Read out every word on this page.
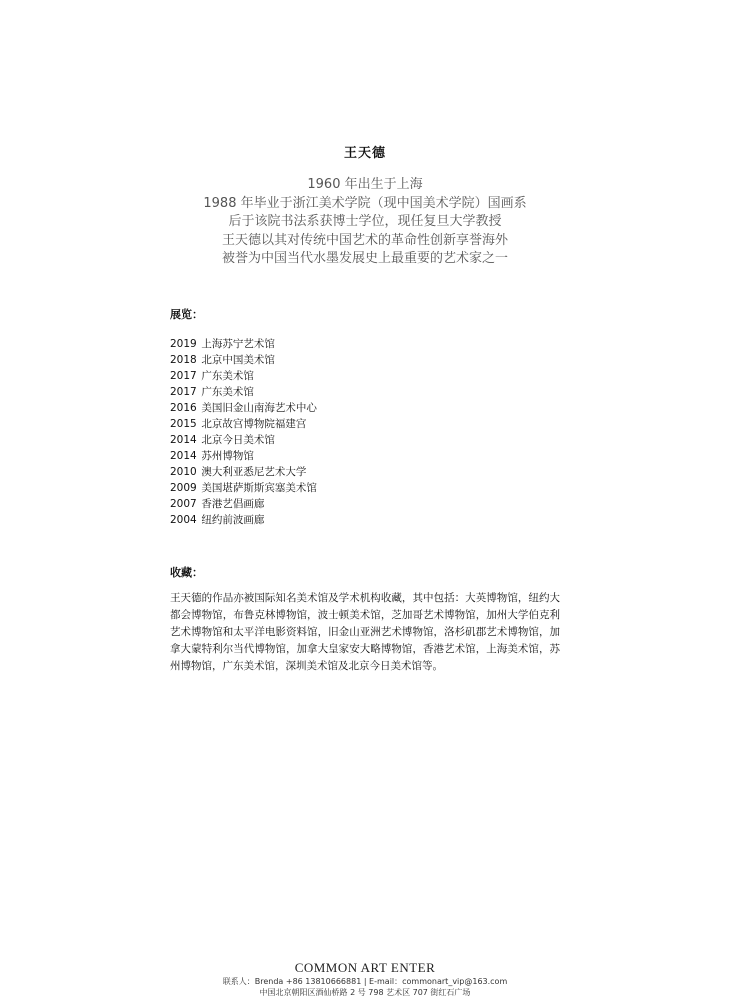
王天德
1960 年出生于上海
1988 年毕业于浙江美术学院（现中国美术学院）国画系
后于该院书法系获博士学位，现任复旦大学教授
王天德以其对传统中国艺术的革命性创新享誉海外
被誉为中国当代水墨发展史上最重要的艺术家之一
展览：
2019 上海苏宁艺术馆
2018 北京中国美术馆
2017 广东美术馆
2017 广东美术馆
2016 美国旧金山南海艺术中心
2015 北京故宫博物院福建宫
2014 北京今日美术馆
2014 苏州博物馆
2010 澳大利亚悉尼艺术大学
2009 美国堪萨斯斯宾塞美术馆
2007 香港艺倡画廊
2004 纽约前波画廊
收藏：
王天德的作品亦被国际知名美术馆及学术机构收藏，其中包括：大英博物馆，纽约大都会博物馆，布鲁克林博物馆，波士顿美术馆，芝加哥艺术博物馆，加州大学伯克利艺术博物馆和太平洋电影资料馆，旧金山亚洲艺术博物馆，洛杉矶郡艺术博物馆，加拿大蒙特利尔当代博物馆，加拿大皇家安大略博物馆，香港艺术馆，上海美术馆，苏州博物馆，广东美术馆，深圳美术馆及北京今日美术馆等。
COMMON ART ENTER
联系人：Brenda +86 13810666881 | E-mail：commonart_vip@163.com
中国北京朝阳区酒仙桥路 2 号 798 艺术区 707 街红石广场
